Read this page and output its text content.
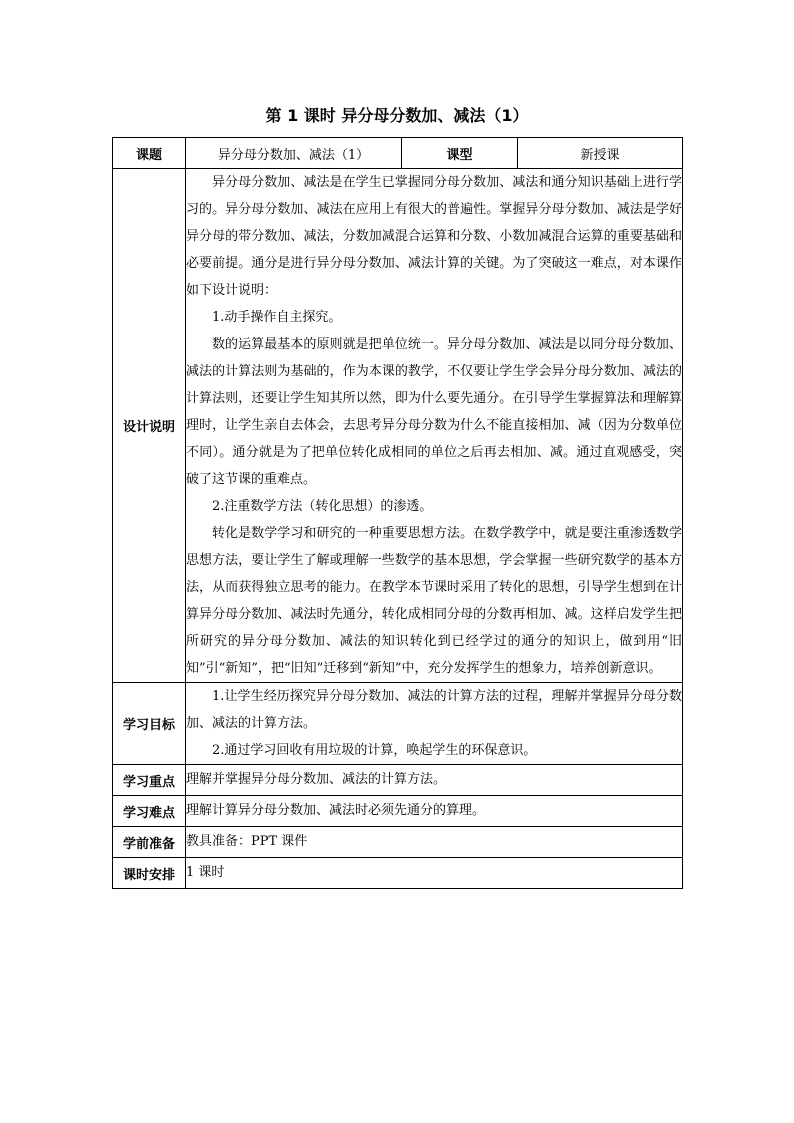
第 1 课时 异分母分数加、减法（1）
课题	异分母分数加、减法（1）	课型	新授课
设计说明	异分母分数加、减法是在学生已掌握同分母分数加、减法和通分知识基础上进行学习的。异分母分数加、减法在应用上有很大的普遍性。掌握异分母分数加、减法是学好异分母的带分数加、减法，分数加减混合运算和分数、小数加减混合运算的重要基础和必要前提。通分是进行异分母分数加、减法计算的关键。为了突破这一难点，对本课作如下设计说明：

1.动手操作自主探究。

数的运算最基本的原则就是把单位统一。异分母分数加、减法是以同分母分数加、减法的计算法则为基础的，作为本课的教学，不仅要让学生学会异分母分数加、减法的计算法则，还要让学生知其所以然，即为什么要先通分。在引导学生掌握算法和理解算理时，让学生亲自去体会，去思考异分母分数为什么不能直接相加、减（因为分数单位不同）。通分就是为了把单位转化成相同的单位之后再去相加、减。通过直观感受，突破了这节课的重难点。

2.注重数学方法（转化思想）的渗透。

转化是数学学习和研究的一种重要思想方法。在数学教学中，就是要注重渗透数学思想方法，要让学生了解或理解一些数学的基本思想，学会掌握一些研究数学的基本方法，从而获得独立思考的能力。在教学本节课时采用了转化的思想，引导学生想到在计算异分母分数加、减法时先通分，转化成相同分母的分数再相加、减。这样启发学生把所研究的异分母分数加、减法的知识转化到已经学过的通分的知识上，做到用“旧知”引“新知”，把“旧知”迁移到“新知”中，充分发挥学生的想象力，培养创新意识。		

学习目标	1.让学生经历探究异分母分数加、减法的计算方法的过程，理解并掌握异分母分数加、减法的计算方法。

2.通过学习回收有用垃圾的计算，唤起学生的环保意识。		

学习重点	理解并掌握异分母分数加、减法的计算方法。		
学习难点	理解计算异分母分数加、减法时必须先通分的算理。		
学前准备	教具准备：PPT 课件		
课时安排	1 课时		
